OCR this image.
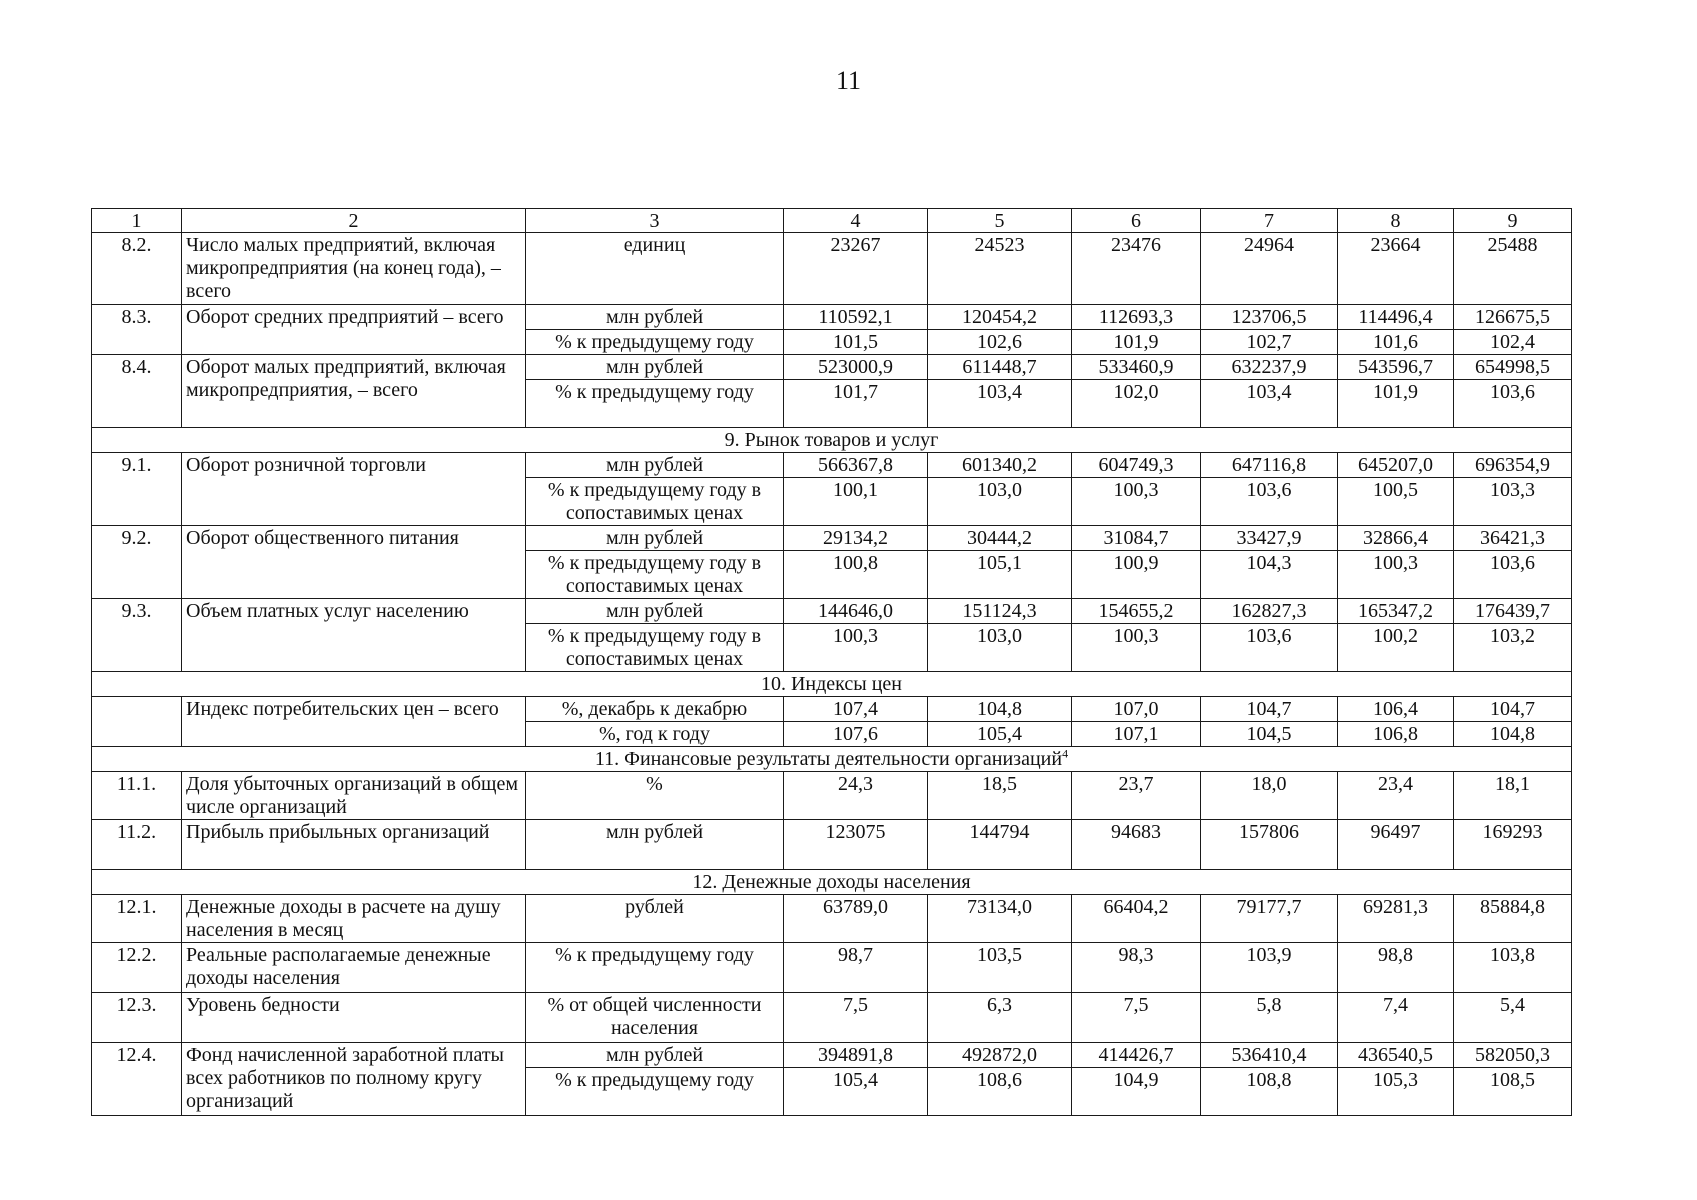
11
1	2	3	4	5	6	7	8	9
8.2.	Число малых предприятий, включая микропредприятия (на конец года), – всего	единиц	23267	24523	23476	24964	23664	25488
8.3.	Оборот средних предприятий – всего	млн рублей	110592,1	120454,2	112693,3	123706,5	114496,4	126675,5
		% к предыдущему году	101,5	102,6	101,9	102,7	101,6	102,4
8.4.	Оборот малых предприятий, включая микропредприятия, – всего	млн рублей	523000,9	611448,7	533460,9	632237,9	543596,7	654998,5
		% к предыдущему году	101,7	103,4	102,0	103,4	101,9	103,6
9. Рынок товаров и услуг								
9.1.	Оборот розничной торговли	млн рублей	566367,8	601340,2	604749,3	647116,8	645207,0	696354,9
		% к предыдущему году в сопоставимых ценах	100,1	103,0	100,3	103,6	100,5	103,3
9.2.	Оборот общественного питания	млн рублей	29134,2	30444,2	31084,7	33427,9	32866,4	36421,3
		% к предыдущему году в сопоставимых ценах	100,8	105,1	100,9	104,3	100,3	103,6
9.3.	Объем платных услуг населению	млн рублей	144646,0	151124,3	154655,2	162827,3	165347,2	176439,7
		% к предыдущему году в сопоставимых ценах	100,3	103,0	100,3	103,6	100,2	103,2
10. Индексы цен								
	Индекс потребительских цен – всего	%, декабрь к декабрю	107,4	104,8	107,0	104,7	106,4	104,7
		%, год к году	107,6	105,4	107,1	104,5	106,8	104,8
11. Финансовые результаты деятельности организаций$^4$
11.1.	Доля убыточных организаций в общем числе организаций	%	24,3	18,5	23,7	18,0	23,4	18,1
11.2.	Прибыль прибыльных организаций	млн рублей	123075	144794	94683	157806	96497	169293
12. Денежные доходы населения								
12.1.	Денежные доходы в расчете на душу населения в месяц	рублей	63789,0	73134,0	66404,2	79177,7	69281,3	85884,8
12.2.	Реальные располагаемые денежные доходы населения	% к предыдущему году	98,7	103,5	98,3	103,9	98,8	103,8
12.3.	Уровень бедности	% от общей численности населения	7,5	6,3	7,5	5,8	7,4	5,4
12.4.	Фонд начисленной заработной платы всех работников по полному кругу организаций	млн рублей	394891,8	492872,0	414426,7	536410,4	436540,5	582050,3
		% к предыдущему году	105,4	108,6	104,9	108,8	105,3	108,5
